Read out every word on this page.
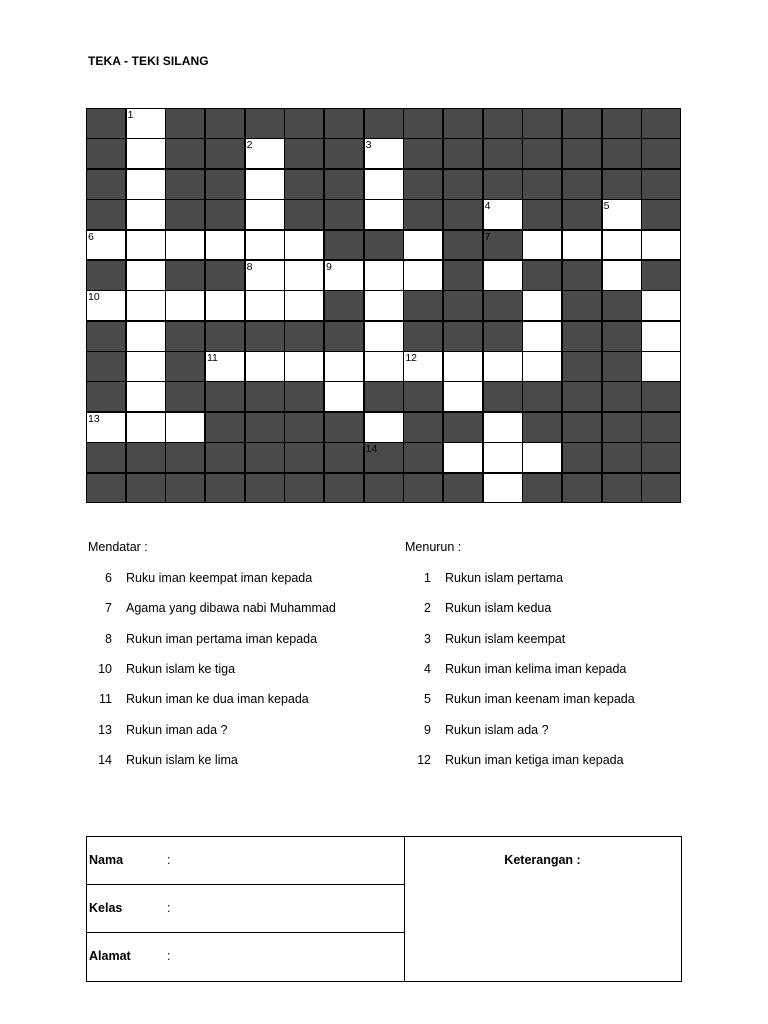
TEKA - TEKI SILANG
1
2	3
4	5
6	7
8	9
10
11	12
13
14
Mendatar :
6 Ruku iman keempat iman kepada
7 Agama yang dibawa nabi Muhammad
8 Rukun iman pertama iman kepada
10 Rukun islam ke tiga
11 Rukun iman ke dua iman kepada
13 Rukun iman ada ?
14 Rukun islam ke lima
Menurun :
1 Rukun islam pertama
2 Rukun islam kedua
3 Rukun islam keempat
4 Rukun iman kelima iman kepada
5 Rukun iman keenam iman kepada
9 Rukun islam ada ?
12 Rukun iman ketiga iman kepada
Nama	:
Kelas	:
Alamat	:
Keterangan :
